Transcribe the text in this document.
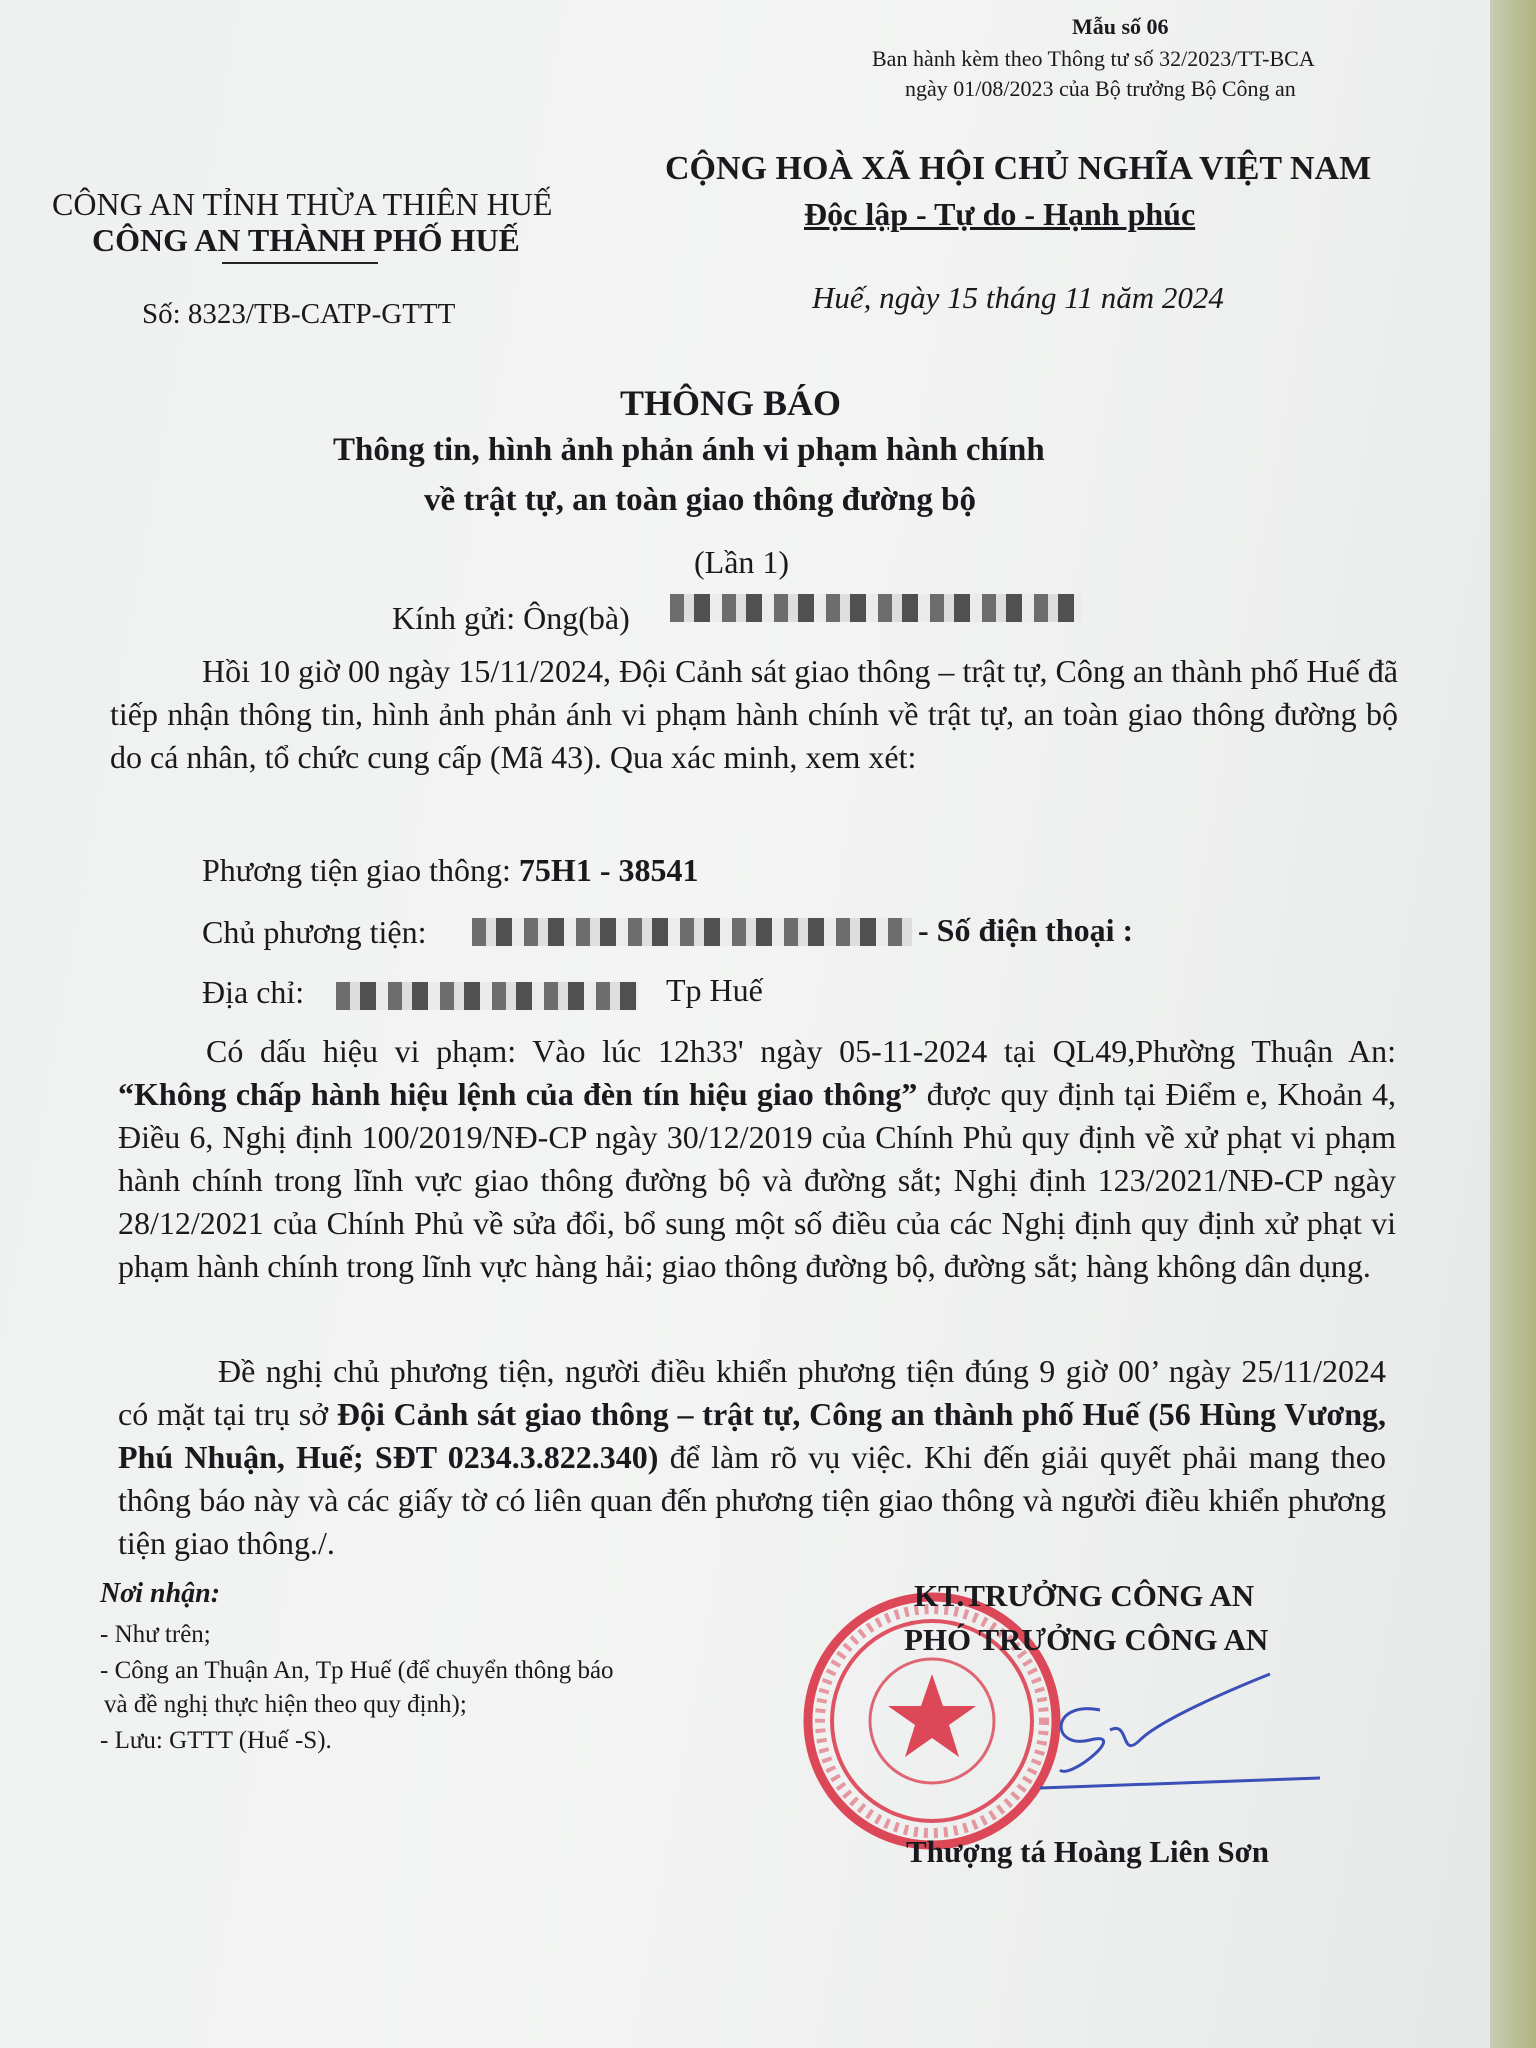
Mẫu số 06
Ban hành kèm theo Thông tư số 32/2023/TT-BCA
ngày 01/08/2023 của Bộ trưởng Bộ Công an
CÔNG AN TỈNH THỪA THIÊN HUẾ
CÔNG AN THÀNH PHỐ HUẾ
Số: 8323/TB-CATP-GTTT
CỘNG HOÀ XÃ HỘI CHỦ NGHĨA VIỆT NAM
Độc lập - Tự do - Hạnh phúc
Huế, ngày 15 tháng 11 năm 2024
THÔNG BÁO
Thông tin, hình ảnh phản ánh vi phạm hành chính
về trật tự, an toàn giao thông đường bộ
(Lần 1)
Kính gửi: Ông(bà)
Hồi 10 giờ 00 ngày 15/11/2024, Đội Cảnh sát giao thông – trật tự, Công an thành phố Huế đã tiếp nhận thông tin, hình ảnh phản ánh vi phạm hành chính về trật tự, an toàn giao thông đường bộ do cá nhân, tổ chức cung cấp (Mã 43). Qua xác minh, xem xét:
Phương tiện giao thông: 75H1 - 38541
Chủ phương tiện:	- Số điện thoại :
Địa chỉ:	Tp Huế
Có dấu hiệu vi phạm: Vào lúc 12h33' ngày 05-11-2024 tại QL49,Phường Thuận An: “Không chấp hành hiệu lệnh của đèn tín hiệu giao thông” được quy định tại Điểm e, Khoản 4, Điều 6, Nghị định 100/2019/NĐ-CP ngày 30/12/2019 của Chính Phủ quy định về xử phạt vi phạm hành chính trong lĩnh vực giao thông đường bộ và đường sắt; Nghị định 123/2021/NĐ-CP ngày 28/12/2021 của Chính Phủ về sửa đổi, bổ sung một số điều của các Nghị định quy định xử phạt vi phạm hành chính trong lĩnh vực hàng hải; giao thông đường bộ, đường sắt; hàng không dân dụng.
Đề nghị chủ phương tiện, người điều khiển phương tiện đúng 9 giờ 00’ ngày 25/11/2024 có mặt tại trụ sở Đội Cảnh sát giao thông – trật tự, Công an thành phố Huế (56 Hùng Vương, Phú Nhuận, Huế; SĐT 0234.3.822.340) để làm rõ vụ việc. Khi đến giải quyết phải mang theo thông báo này và các giấy tờ có liên quan đến phương tiện giao thông và người điều khiển phương tiện giao thông./.
Nơi nhận:
- Như trên;
- Công an Thuận An, Tp Huế (để chuyển thông báo
và đề nghị thực hiện theo quy định);
- Lưu: GTTT (Huế -S).
KT.TRƯỞNG CÔNG AN
PHÓ TRƯỞNG CÔNG AN
Thượng tá Hoàng Liên Sơn
